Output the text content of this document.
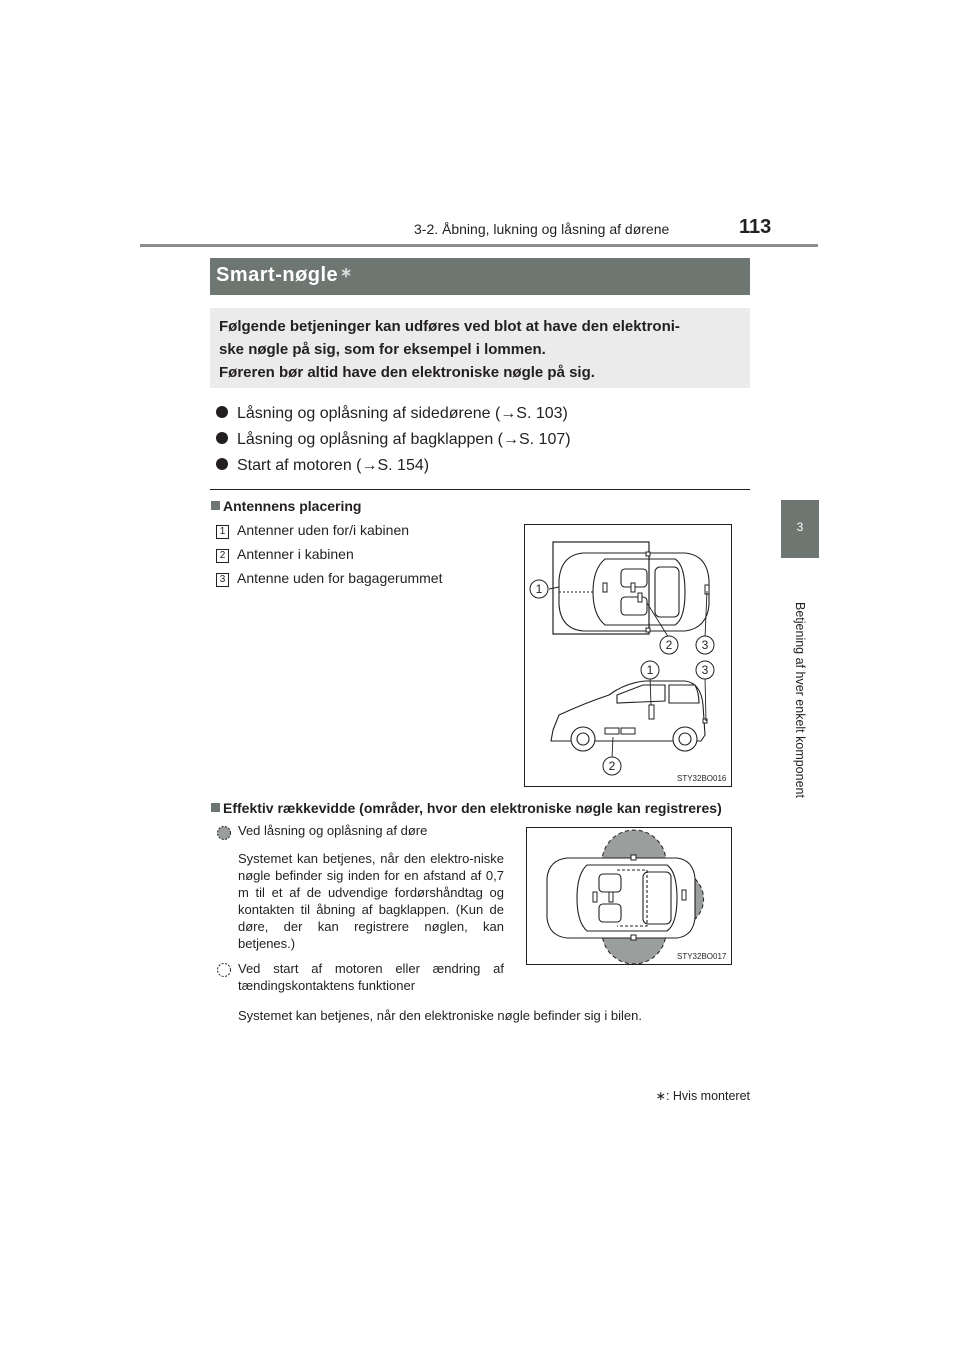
3-2. Åbning, lukning og låsning af dørene	113
3
Betjening af hver enkelt komponent
Smart-nøgle ∗
Følgende betjeninger kan udføres ved blot at have den elektroni-
ske nøgle på sig, som for eksempel i lommen.
Føreren bør altid have den elektroniske nøgle på sig.
Låsning og oplåsning af sidedørene (→S. 103)
Låsning og oplåsning af bagklappen (→S. 107)
Start af motoren (→S. 154)
Antennens placering
1 Antenner uden for/i kabinen
2 Antenner i kabinen
3 Antenne uden for bagagerummet
1
2 3
1	3
2
STY32BO016
Effektiv rækkevidde (områder, hvor den elektroniske nøgle kan registreres)
STY32BO017
Ved låsning og oplåsning af døre
Systemet kan betjenes, når den elektro-niske nøgle befinder sig inden for en afstand af 0,7 m til et af de udvendige fordørshåndtag og kontakten til åbning af bagklappen. (Kun de døre, der kan registrere nøglen, kan betjenes.)
Ved start af motoren eller ændring af tændingskontaktens funktioner
Systemet kan betjenes, når den elektroniske nøgle befinder sig i bilen.
∗: Hvis monteret
